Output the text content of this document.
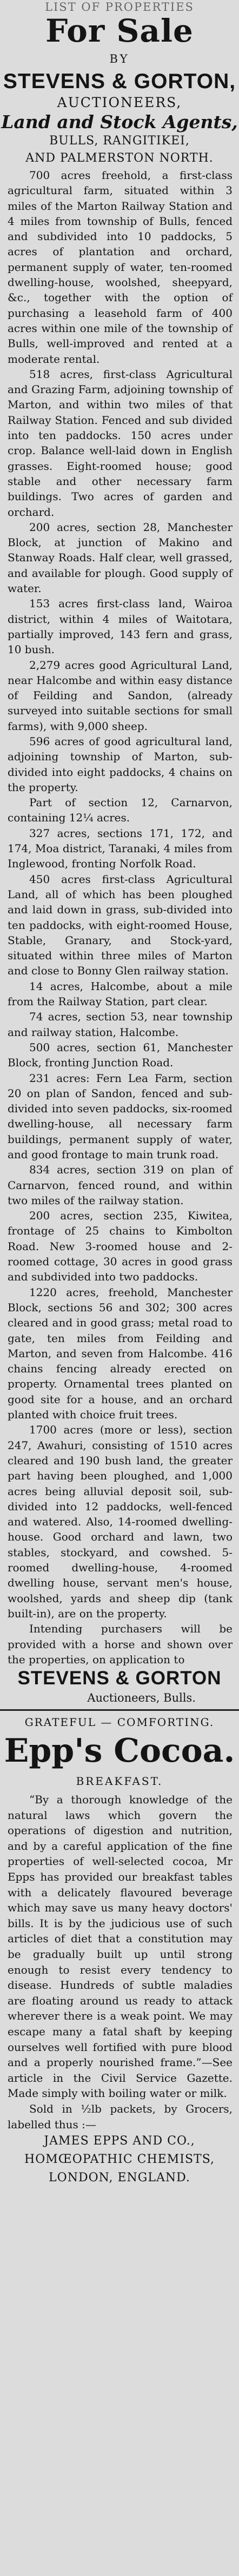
LIST OF PROPERTIES
For Sale
BY
STEVENS & GORTON,
AUCTIONEERS,
Land and Stock Agents,
BULLS, RANGITIKEI,
AND PALMERSTON NORTH.

700 acres freehold, a first-class agricultural farm, situated within 3 miles of the Marton Railway Station and 4 miles from township of Bulls, fenced and subdivided into 10 paddocks, 5 acres of plantation and orchard, permanent supply of water, ten-roomed dwelling-house, woolshed, sheepyard, &c., together with the option of purchasing a leasehold farm of 400 acres within one mile of the township of Bulls, well-improved and rented at a moderate rental.

518 acres, first-class Agricultural and Grazing Farm, adjoining township of Marton, and within two miles of that Railway Station. Fenced and sub divided into ten paddocks. 150 acres under crop. Balance well-laid down in English grasses. Eight-roomed house; good stable and other necessary farm buildings. Two acres of garden and orchard.

200 acres, section 28, Manchester Block, at junction of Makino and Stanway Roads. Half clear, well grassed, and available for plough. Good supply of water.

153 acres first-class land, Wairoa district, within 4 miles of Waitotara, partially improved, 143 fern and grass, 10 bush.

2,279 acres good Agricultural Land, near Halcombe and within easy distance of Feilding and Sandon, (already surveyed into suitable sections for small farms), with 9,000 sheep.

596 acres of good agricultural land, adjoining township of Marton, sub-divided into eight paddocks, 4 chains on the property.

Part of section 12, Carnarvon, containing 12¼ acres.

327 acres, sections 171, 172, and 174, Moa district, Taranaki, 4 miles from Inglewood, fronting Norfolk Road.

450 acres first-class Agricultural Land, all of which has been ploughed and laid down in grass, sub-divided into ten paddocks, with eight-roomed House, Stable, Granary, and Stock-yard, situated within three miles of Marton and close to Bonny Glen railway station.

14 acres, Halcombe, about a mile from the Railway Station, part clear.

74 acres, section 53, near township and railway station, Halcombe.

500 acres, section 61, Manchester Block, fronting Junction Road.

231 acres: Fern Lea Farm, section 20 on plan of Sandon, fenced and sub-divided into seven paddocks, six-roomed dwelling-house, all necessary farm buildings, permanent supply of water, and good frontage to main trunk road.

834 acres, section 319 on plan of Carnarvon, fenced round, and within two miles of the railway station.

200 acres, section 235, Kiwitea, frontage of 25 chains to Kimbolton Road. New 3-roomed house and 2-roomed cottage, 30 acres in good grass and subdivided into two paddocks.

1220 acres, freehold, Manchester Block, sections 56 and 302; 300 acres cleared and in good grass; metal road to gate, ten miles from Feilding and Marton, and seven from Halcombe. 416 chains fencing already erected on property. Ornamental trees planted on good site for a house, and an orchard planted with choice fruit trees.

1700 acres (more or less), section 247, Awahuri, consisting of 1510 acres cleared and 190 bush land, the greater part having been ploughed, and 1,000 acres being alluvial deposit soil, sub-divided into 12 paddocks, well-fenced and watered. Also, 14-roomed dwelling-house. Good orchard and lawn, two stables, stockyard, and cowshed. 5-roomed dwelling-house, 4-roomed dwelling house, servant men's house, woolshed, yards and sheep dip (tank built-in), are on the property.

Intending purchasers will be provided with a horse and shown over the properties, on application to

STEVENS & GORTON
Auctioneers, Bulls.
GRATEFUL — COMFORTING.
Epp's Cocoa.
BREAKFAST.

“By a thorough knowledge of the natural laws which govern the operations of digestion and nutrition, and by a careful application of the fine properties of well-selected cocoa, Mr Epps has provided our breakfast tables with a delicately flavoured beverage which may save us many heavy doctors' bills. It is by the judicious use of such articles of diet that a constitution may be gradually built up until strong enough to resist every tendency to disease. Hundreds of subtle maladies are floating around us ready to attack wherever there is a weak point. We may escape many a fatal shaft by keeping ourselves well fortified with pure blood and a properly nourished frame.”—See article in the Civil Service Gazette. Made simply with boiling water or milk.

Sold in ½lb packets, by Grocers, labelled thus :—

JAMES EPPS AND CO.,
HOMŒOPATHIC CHEMISTS,
LONDON, ENGLAND.
